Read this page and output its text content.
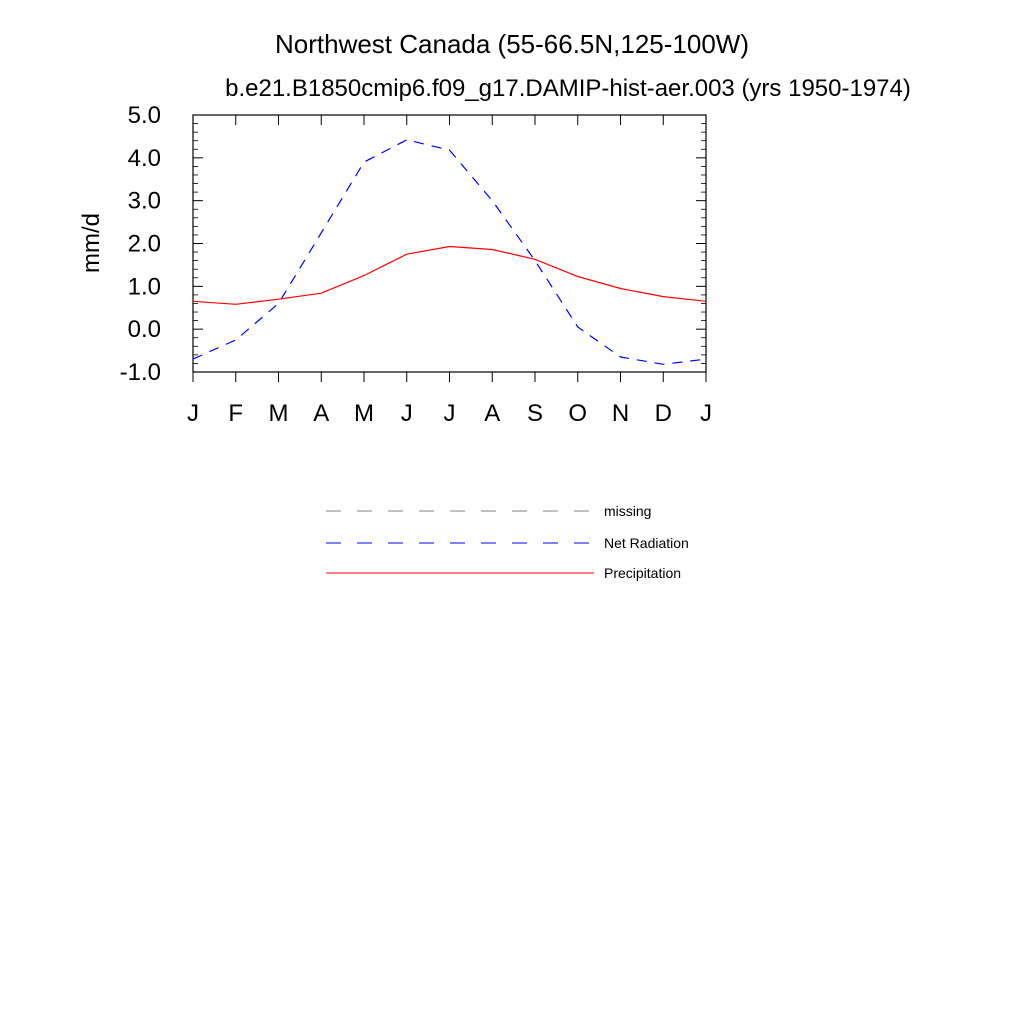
Northwest Canada (55-66.5N,125-100W)
b.e21.B1850cmip6.f09_g17.DAMIP-hist-aer.003 (yrs 1950-1974)
mm/d
-1.0
0.0
1.0
2.0
3.0
4.0
5.0
J F M A M J J A S O N D J
missing
Net Radiation
Precipitation
